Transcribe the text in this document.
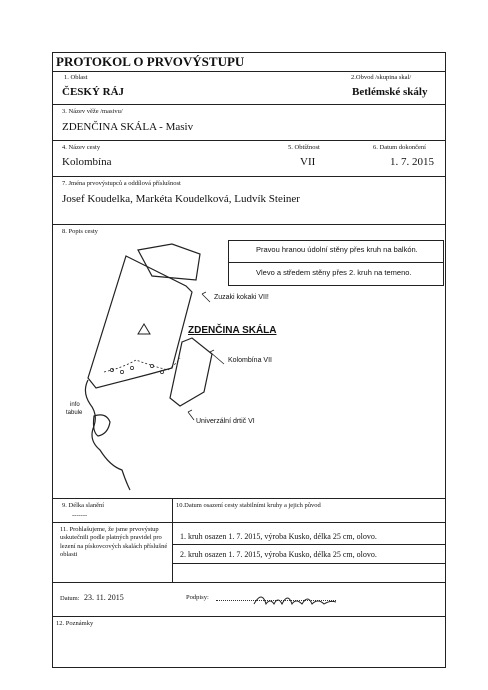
PROTOKOL O PRVOVÝSTUPU
1. Oblast
ČESKÝ RÁJ
2.Obvod /skupina skal/
Betlémské skály
3. Název věže /masivu/
ZDENČINA SKÁLA - Masiv
4. Název cesty
Kolombína
5. Obtížnost
VII
6. Datum dokončení
1. 7. 2015
7. Jména prvovýstupců a oddílová příslušnost
Josef Koudelka, Markéta Koudelková, Ludvík Steiner
8. Popis cesty
Pravou hranou údolní stěny přes kruh na balkón.
Vlevo a středem stěny přes 2. kruh na temeno.
Zuzaki kokaki VII!
ZDENČINA SKÁLA
Kolombína VII
Univerzální drtič VI
info
tabule
9. Délka slanění
-------
10.Datum osazení cesty stabilními kruhy a jejich původ
11. Prohlašujeme, že jsme prvovýstup uskutečnili podle platných pravidel pro lezení na pískovcových skalách příslušné oblasti
1. kruh osazen 1. 7. 2015, výroba Kusko, délka 25 cm, olovo.
2. kruh osazen 1. 7. 2015, výroba Kusko, délka 25 cm, olovo.
Datum: 23. 11. 2015	Podpisy:
12. Poznámky
